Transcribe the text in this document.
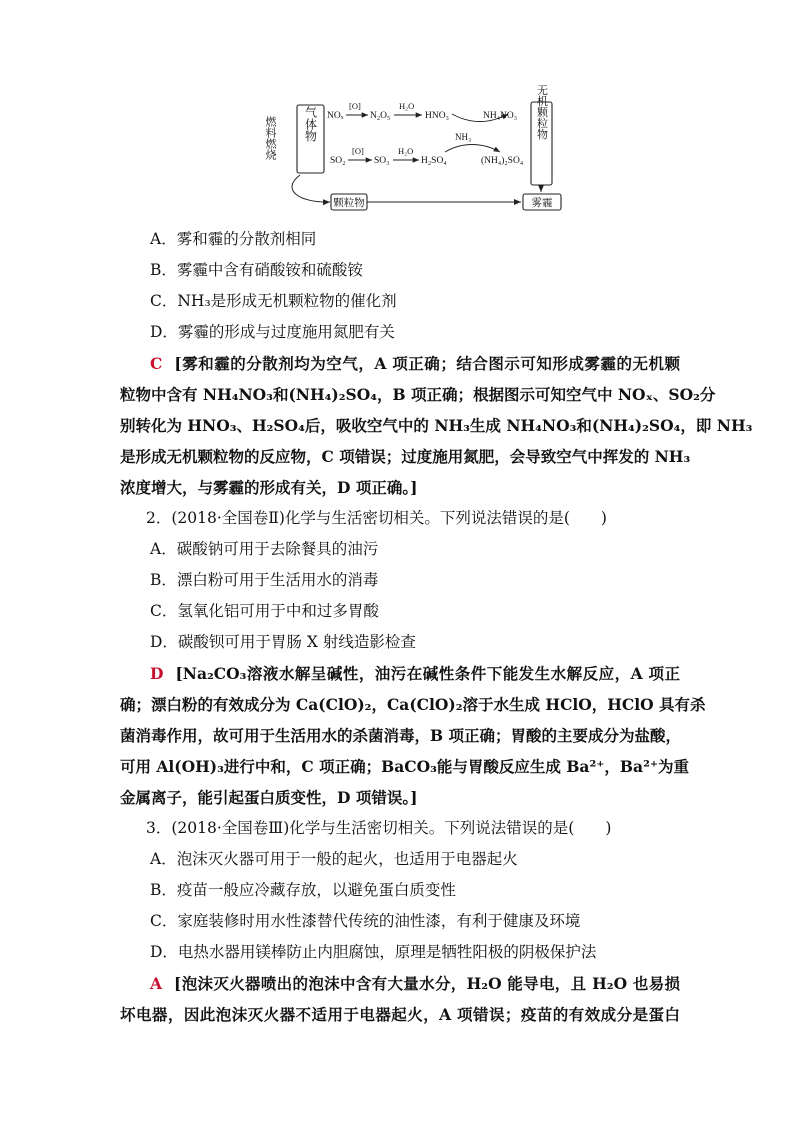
气体物	无机颗粒物
燃料燃烧
颗粒物	雾霾
NOₓ
[O]
N₂O₅
H₂O
HNO₃	NH₄NO₃
NH₃
SO₂
[O]
SO₃
H₂O
H₂SO₄	(NH₄)₂SO₄
A．雾和霾的分散剂相同
B．雾霾中含有硝酸铵和硫酸铵
C．NH₃是形成无机颗粒物的催化剂
D．雾霾的形成与过度施用氮肥有关
C [雾和霾的分散剂均为空气，A 项正确；结合图示可知形成雾霾的无机颗
粒物中含有 NH₄NO₃和(NH₄)₂SO₄，B 项正确；根据图示可知空气中 NOₓ、SO₂分
别转化为 HNO₃、H₂SO₄后，吸收空气中的 NH₃生成 NH₄NO₃和(NH₄)₂SO₄，即 NH₃
是形成无机颗粒物的反应物，C 项错误；过度施用氮肥，会导致空气中挥发的 NH₃
浓度增大，与雾霾的形成有关，D 项正确。]
2．(2018·全国卷Ⅱ)化学与生活密切相关。下列说法错误的是(　　)
A．碳酸钠可用于去除餐具的油污
B．漂白粉可用于生活用水的消毒
C．氢氧化铝可用于中和过多胃酸
D．碳酸钡可用于胃肠 X 射线造影检查
D [Na₂CO₃溶液水解呈碱性，油污在碱性条件下能发生水解反应，A 项正
确；漂白粉的有效成分为 Ca(ClO)₂，Ca(ClO)₂溶于水生成 HClO，HClO 具有杀
菌消毒作用，故可用于生活用水的杀菌消毒，B 项正确；胃酸的主要成分为盐酸，
可用 Al(OH)₃进行中和，C 项正确；BaCO₃能与胃酸反应生成 Ba²⁺，Ba²⁺为重
金属离子，能引起蛋白质变性，D 项错误。]
3．(2018·全国卷Ⅲ)化学与生活密切相关。下列说法错误的是(　　)
A．泡沫灭火器可用于一般的起火，也适用于电器起火
B．疫苗一般应冷藏存放，以避免蛋白质变性
C．家庭装修时用水性漆替代传统的油性漆，有利于健康及环境
D．电热水器用镁棒防止内胆腐蚀，原理是牺牲阳极的阴极保护法
A [泡沫灭火器喷出的泡沫中含有大量水分，H₂O 能导电，且 H₂O 也易损
坏电器，因此泡沫灭火器不适用于电器起火，A 项错误；疫苗的有效成分是蛋白
